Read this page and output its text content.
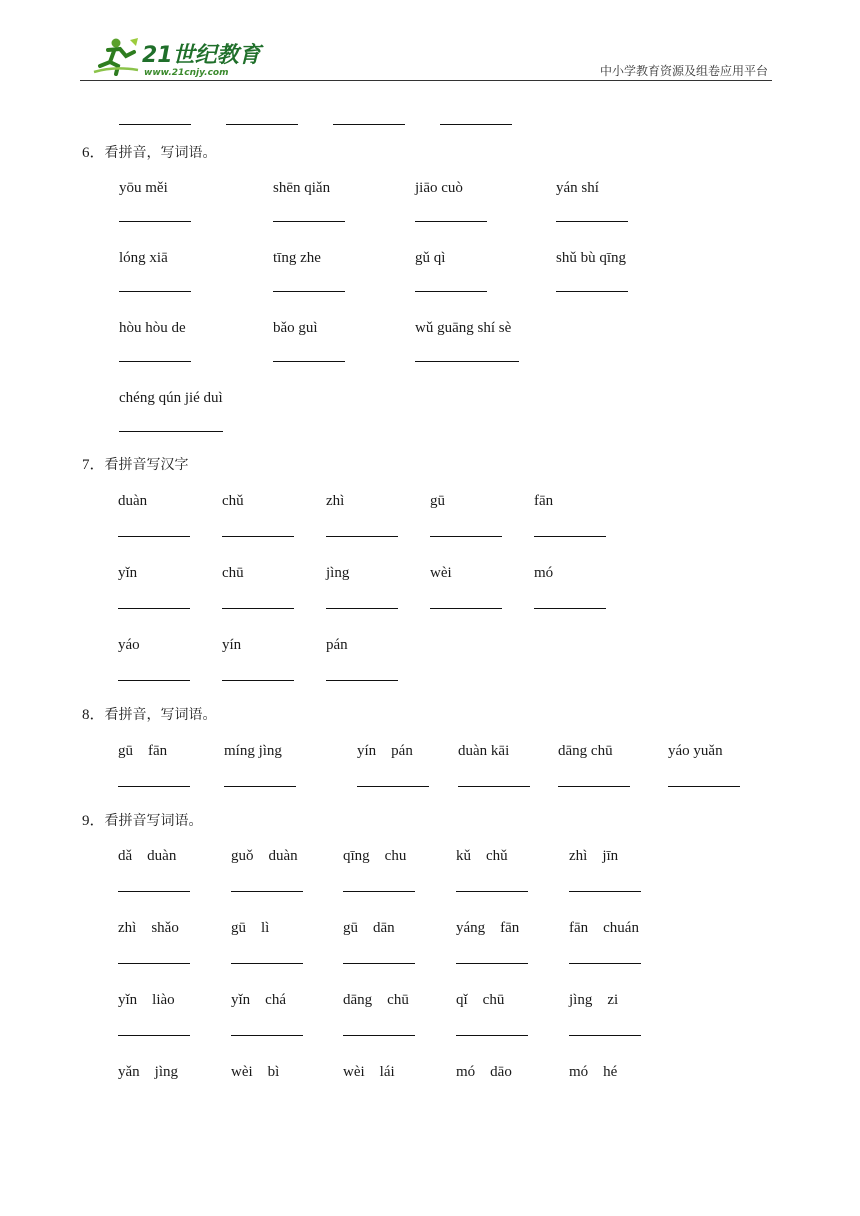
21世纪教育
www.21cnjy.com	中小学教育资源及组卷应用平台
6．看拼音，写词语。
yōu měi	shēn qiǎn	jiāo cuò	yán shí
lóng xiā	tīng zhe	gǔ qì	shǔ bù qīng
hòu hòu de	bǎo guì	wǔ guāng shí sè
chéng qún jié duì
7．看拼音写汉字
duàn	chǔ	zhì	gū	fān
yǐn	chū	jìng	wèi	mó
yáo	yín	pán
8．看拼音，写词语。
gū    fān	míng jìng	yín    pán	duàn kāi	dāng chū	yáo yuǎn
9．看拼音写词语。
dǎ    duàn	guǒ    duàn	qīng    chu	kǔ    chǔ	zhì    jīn
zhì    shǎo	gū    lì	gū    dān	yáng    fān	fān    chuán
yǐn    liào	yǐn    chá	dāng    chū	qǐ    chū	jìng    zi
yǎn    jìng	wèi    bì	wèi    lái	mó    dāo	mó    hé
